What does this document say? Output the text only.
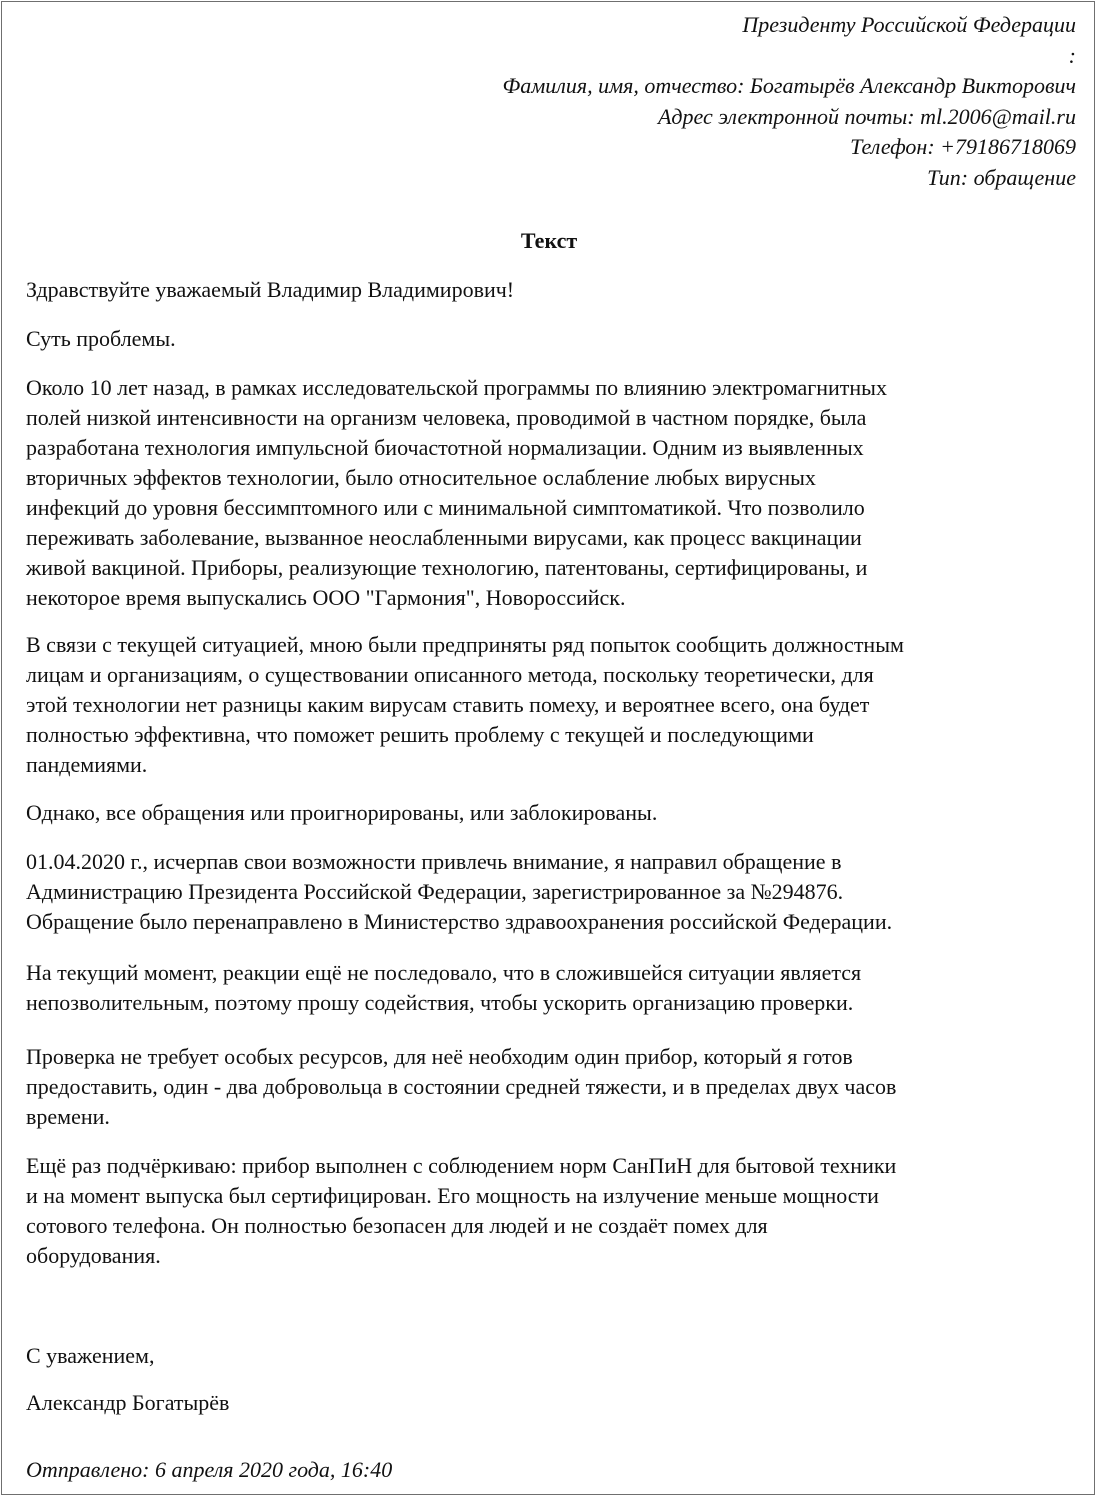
Президенту Российской Федерации
:
Фамилия, имя, отчество: Богатырёв Александр Викторович
Адрес электронной почты: ml.2006@mail.ru
Телефон: +79186718069
Тип: обращение
Текст

Здравствуйте уважаемый Владимир Владимирович!

Суть проблемы.

Около 10 лет назад, в рамках исследовательской программы по влиянию электромагнитных
полей низкой интенсивности на организм человека, проводимой в частном порядке, была
разработана технология импульсной биочастотной нормализации. Одним из выявленных
вторичных эффектов технологии, было относительное ослабление любых вирусных
инфекций до уровня бессимптомного или с минимальной симптоматикой. Что позволило
переживать заболевание, вызванное неослабленными вирусами, как процесс вакцинации
живой вакциной. Приборы, реализующие технологию, патентованы, сертифицированы, и
некоторое время выпускались ООО "Гармония", Новороссийск.

В связи с текущей ситуацией, мною были предприняты ряд попыток сообщить должностным
лицам и организациям, о существовании описанного метода, поскольку теоретически, для
этой технологии нет разницы каким вирусам ставить помеху, и вероятнее всего, она будет
полностью эффективна, что поможет решить проблему с текущей и последующими
пандемиями.

Однако, все обращения или проигнорированы, или заблокированы.

01.04.2020 г., исчерпав свои возможности привлечь внимание, я направил обращение в
Администрацию Президента Российской Федерации, зарегистрированное за №294876.
Обращение было перенаправлено в Министерство здравоохранения российской Федерации.

На текущий момент, реакции ещё не последовало, что в сложившейся ситуации является
непозволительным, поэтому прошу содействия, чтобы ускорить организацию проверки.

Проверка не требует особых ресурсов, для неё необходим один прибор, который я готов
предоставить, один - два добровольца в состоянии средней тяжести, и в пределах двух часов
времени.

Ещё раз подчёркиваю: прибор выполнен с соблюдением норм СанПиН для бытовой техники
и на момент выпуска был сертифицирован. Его мощность на излучение меньше мощности
сотового телефона. Он полностью безопасен для людей и не создаёт помех для
оборудования.

С уважением,

Александр Богатырёв

Отправлено: 6 апреля 2020 года, 16:40
